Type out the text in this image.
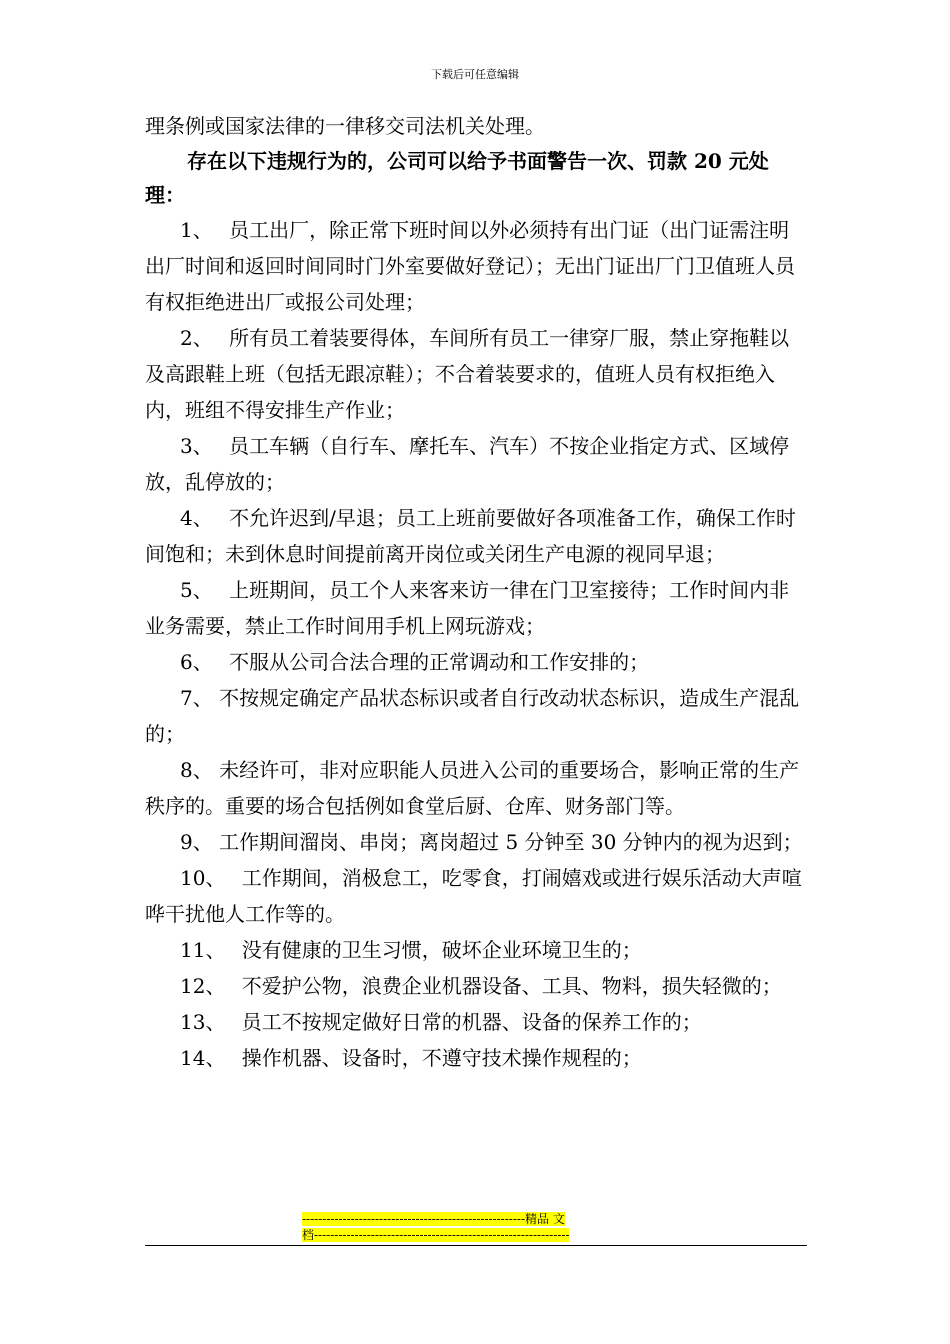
下载后可任意编辑

理条例或国家法律的一律移交司法机关处理。

存在以下违规行为的，公司可以给予书面警告一次、罚款 20 元处理：

1、　 员工出厂，除正常下班时间以外必须持有出门证（出门证需注明出厂时间和返回时间同时门外室要做好登记）；无出门证出厂门卫值班人员有权拒绝进出厂或报公司处理；

2、　 所有员工着装要得体，车间所有员工一律穿厂服，禁止穿拖鞋以及高跟鞋上班（包括无跟凉鞋）；不合着装要求的，值班人员有权拒绝入内，班组不得安排生产作业；

3、　 员工车辆（自行车、摩托车、汽车）不按企业指定方式、区域停放，乱停放的；

4、　 不允许迟到/早退；员工上班前要做好各项准备工作，确保工作时间饱和；未到休息时间提前离开岗位或关闭生产电源的视同早退；

5、　 上班期间，员工个人来客来访一律在门卫室接待；工作时间内非业务需要，禁止工作时间用手机上网玩游戏；

6、　 不服从公司合法合理的正常调动和工作安排的；

7、 不按规定确定产品状态标识或者自行改动状态标识，造成生产混乱的；

8、 未经许可，非对应职能人员进入公司的重要场合，影响正常的生产秩序的。重要的场合包括例如食堂后厨、仓库、财务部门等。

9、 工作期间溜岗、串岗；离岗超过 5 分钟至 30 分钟内的视为迟到；

10、　 工作期间，消极怠工，吃零食，打闹嬉戏或进行娱乐活动大声喧哗干扰他人工作等的。

11、　 没有健康的卫生习惯，破坏企业环境卫生的；

12、　 不爱护公物，浪费企业机器设备、工具、物料，损失轻微的；

13、　 员工不按规定做好日常的机器、设备的保养工作的；

14、　 操作机器、设备时，不遵守技术操作规程的；

-------------------------------------------------------精品 文
档---------------------------------------------------------------
